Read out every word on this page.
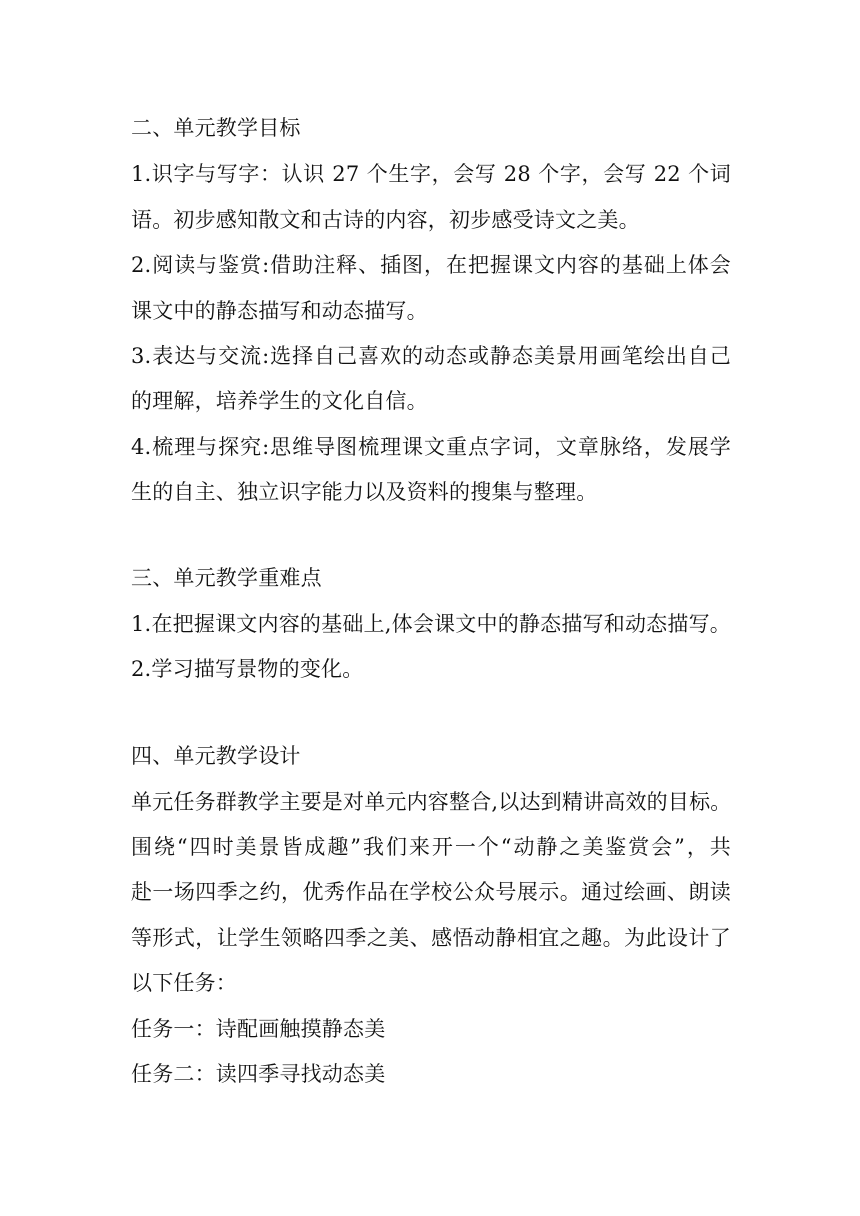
二、单元教学目标
1.识字与写字：认识 27 个生字，会写 28 个字，会写 22 个词
语。初步感知散文和古诗的内容，初步感受诗文之美。
2.阅读与鉴赏:借助注释、插图，在把握课文内容的基础上体会
课文中的静态描写和动态描写。
3.表达与交流:选择自己喜欢的动态或静态美景用画笔绘出自己
的理解，培养学生的文化自信。
4.梳理与探究:思维导图梳理课文重点字词，文章脉络，发展学
生的自主、独立识字能力以及资料的搜集与整理。
三、单元教学重难点
1.在把握课文内容的基础上,体会课文中的静态描写和动态描写。
2.学习描写景物的变化。
四、单元教学设计
单元任务群教学主要是对单元内容整合,以达到精讲高效的目标。
围绕“四时美景皆成趣”我们来开一个“动静之美鉴赏会”，共
赴一场四季之约，优秀作品在学校公众号展示。通过绘画、朗读
等形式，让学生领略四季之美、感悟动静相宜之趣。为此设计了
以下任务：
任务一：诗配画触摸静态美
任务二：读四季寻找动态美
